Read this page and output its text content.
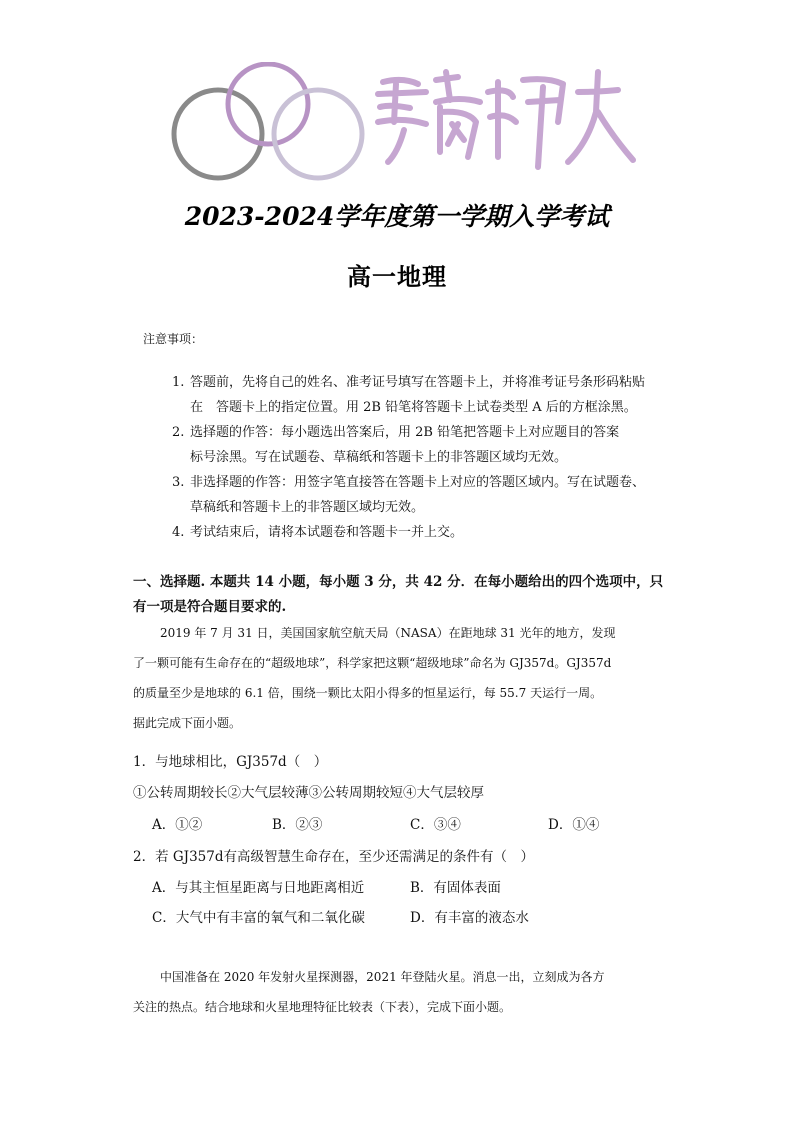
2023-2024学年度第一学期入学考试
高一地理
注意事项：
1. 答题前，先将自己的姓名、准考证号填写在答题卡上，并将准考证号条形码粘贴
在　答题卡上的指定位置。用 2B 铅笔将答题卡上试卷类型 A 后的方框涂黑。
2. 选择题的作答：每小题选出答案后，用 2B 铅笔把答题卡上对应题目的答案
标号涂黑。写在试题卷、草稿纸和答题卡上的非答题区域均无效。
3. 非选择题的作答：用签字笔直接答在答题卡上对应的答题区域内。写在试题卷、
草稿纸和答题卡上的非答题区域均无效。
4. 考试结束后，请将本试题卷和答题卡一并上交。
一、选择题. 本题共 14 小题，每小题 3 分，共 42 分．在每小题给出的四个选项中，只
有一项是符合题目要求的.
2019 年 7 月 31 日，美国国家航空航天局（NASA）在距地球 31 光年的地方，发现
了一颗可能有生命存在的“超级地球”，科学家把这颗“超级地球”命名为 GJ357d。GJ357d
的质量至少是地球的 6.1 倍，围绕一颗比太阳小得多的恒星运行，每 55.7 天运行一周。
据此完成下面小题。
1．与地球相比，GJ357d（　）
①公转周期较长②大气层较薄③公转周期较短④大气层较厚
A．①②	B．②③	C．③④	D．①④
2．若 GJ357d有高级智慧生命存在，至少还需满足的条件有（　）
A．与其主恒星距离与日地距离相近	B．有固体表面
C．大气中有丰富的氧气和二氧化碳	D．有丰富的液态水
中国准备在 2020 年发射火星探测器，2021 年登陆火星。消息一出，立刻成为各方
关注的热点。结合地球和火星地理特征比较表（下表），完成下面小题。
